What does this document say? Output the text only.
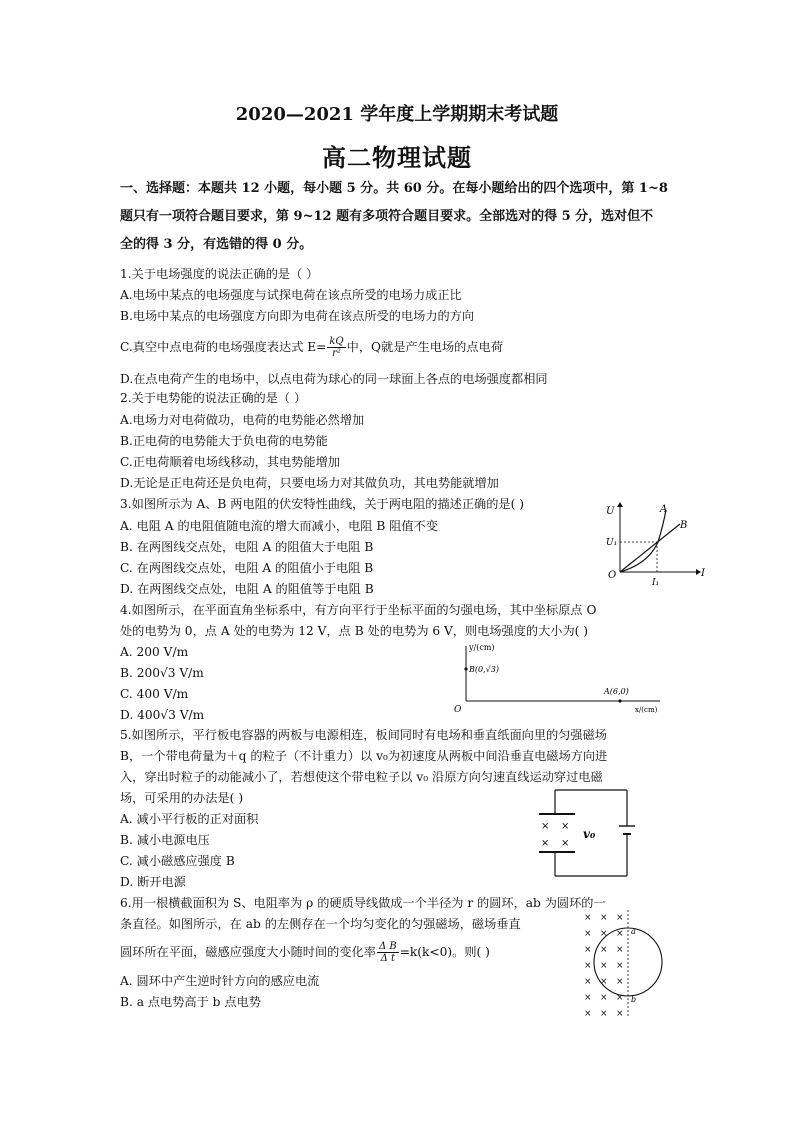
2020—2021 学年度上学期期末考试题
高二物理试题
一、选择题：本题共 12 小题，每小题 5 分。共 60 分。在每小题给出的四个选项中，第 1~8
题只有一项符合题目要求，第 9~12 题有多项符合题目要求。全部选对的得 5 分，选对但不
全的得 3 分，有选错的得 0 分。
1.关于电场强度的说法正确的是（ ）
A.电场中某点的电场强度与试探电荷在该点所受的电场力成正比
B.电场中某点的电场强度方向即为电荷在该点所受的电场力的方向
C.真空中点电荷的电场强度表达式 $E= \frac{kQ}{\text{r²}}$ 中，Q就是产生电场的点电荷
D.在点电荷产生的电场中，以点电荷为球心的同一球面上各点的电场强度都相同
2.关于电势能的说法正确的是（ ）
A.电场力对电荷做功，电荷的电势能必然增加
B.正电荷的电势能大于负电荷的电势能
C.正电荷顺着电场线移动，其电势能增加
D.无论是正电荷还是负电荷，只要电场力对其做负功，其电势能就增加
3.如图所示为 A、B 两电阻的伏安特性曲线，关于两电阻的描述正确的是( )
A. 电阻 A 的电阻值随电流的增大而减小，电阻 B 阻值不变
B. 在两图线交点处，电阻 A 的阻值大于电阻 B
C. 在两图线交点处，电阻 A 的阻值小于电阻 B
D. 在两图线交点处，电阻 A 的阻值等于电阻 B
U	A
B
U₁
O
I₁
I
4.如图所示，在平面直角坐标系中，有方向平行于坐标平面的匀强电场，其中坐标原点 O
处的电势为 0，点 A 处的电势为 12 V，点 B 处的电势为 6 V，则电场强度的大小为( )
A. 200 V/m
B. 200√3 V/m
C. 400 V/m
D. 400√3 V/m
y/(cm)
B(0,√3)
A(6,0)
O	x/(cm)
5.如图所示，平行板电容器的两板与电源相连，板间同时有电场和垂直纸面向里的匀强磁场
B，一个带电荷量为＋q 的粒子（不计重力）以 v₀为初速度从两板中间沿垂直电磁场方向进
入，穿出时粒子的动能减小了，若想使这个带电粒子以 v₀ 沿原方向匀速直线运动穿过电磁
场，可采用的办法是( )
A. 减小平行板的正对面积
B. 减小电源电压
C. 减小磁感应强度 B
D. 断开电源
× ×
× ×
v₀
6.用一根横截面积为 S、电阻率为 ρ 的硬质导线做成一个半径为 r 的圆环，ab 为圆环的一
条直径。如图所示，在 ab 的左侧存在一个均匀变化的匀强磁场，磁场垂直
圆环所在平面，磁感应强度大小随时间的变化率 $\frac{\text{Δ B}}{\text{Δ t}} =k(k<0)$。则( )
A. 圆环中产生逆时针方向的感应电流
B. a 点电势高于 b 点电势
× × ×
× × ×
× × ×
× × ×
× × ×
× × ×
× × ×
a
b
